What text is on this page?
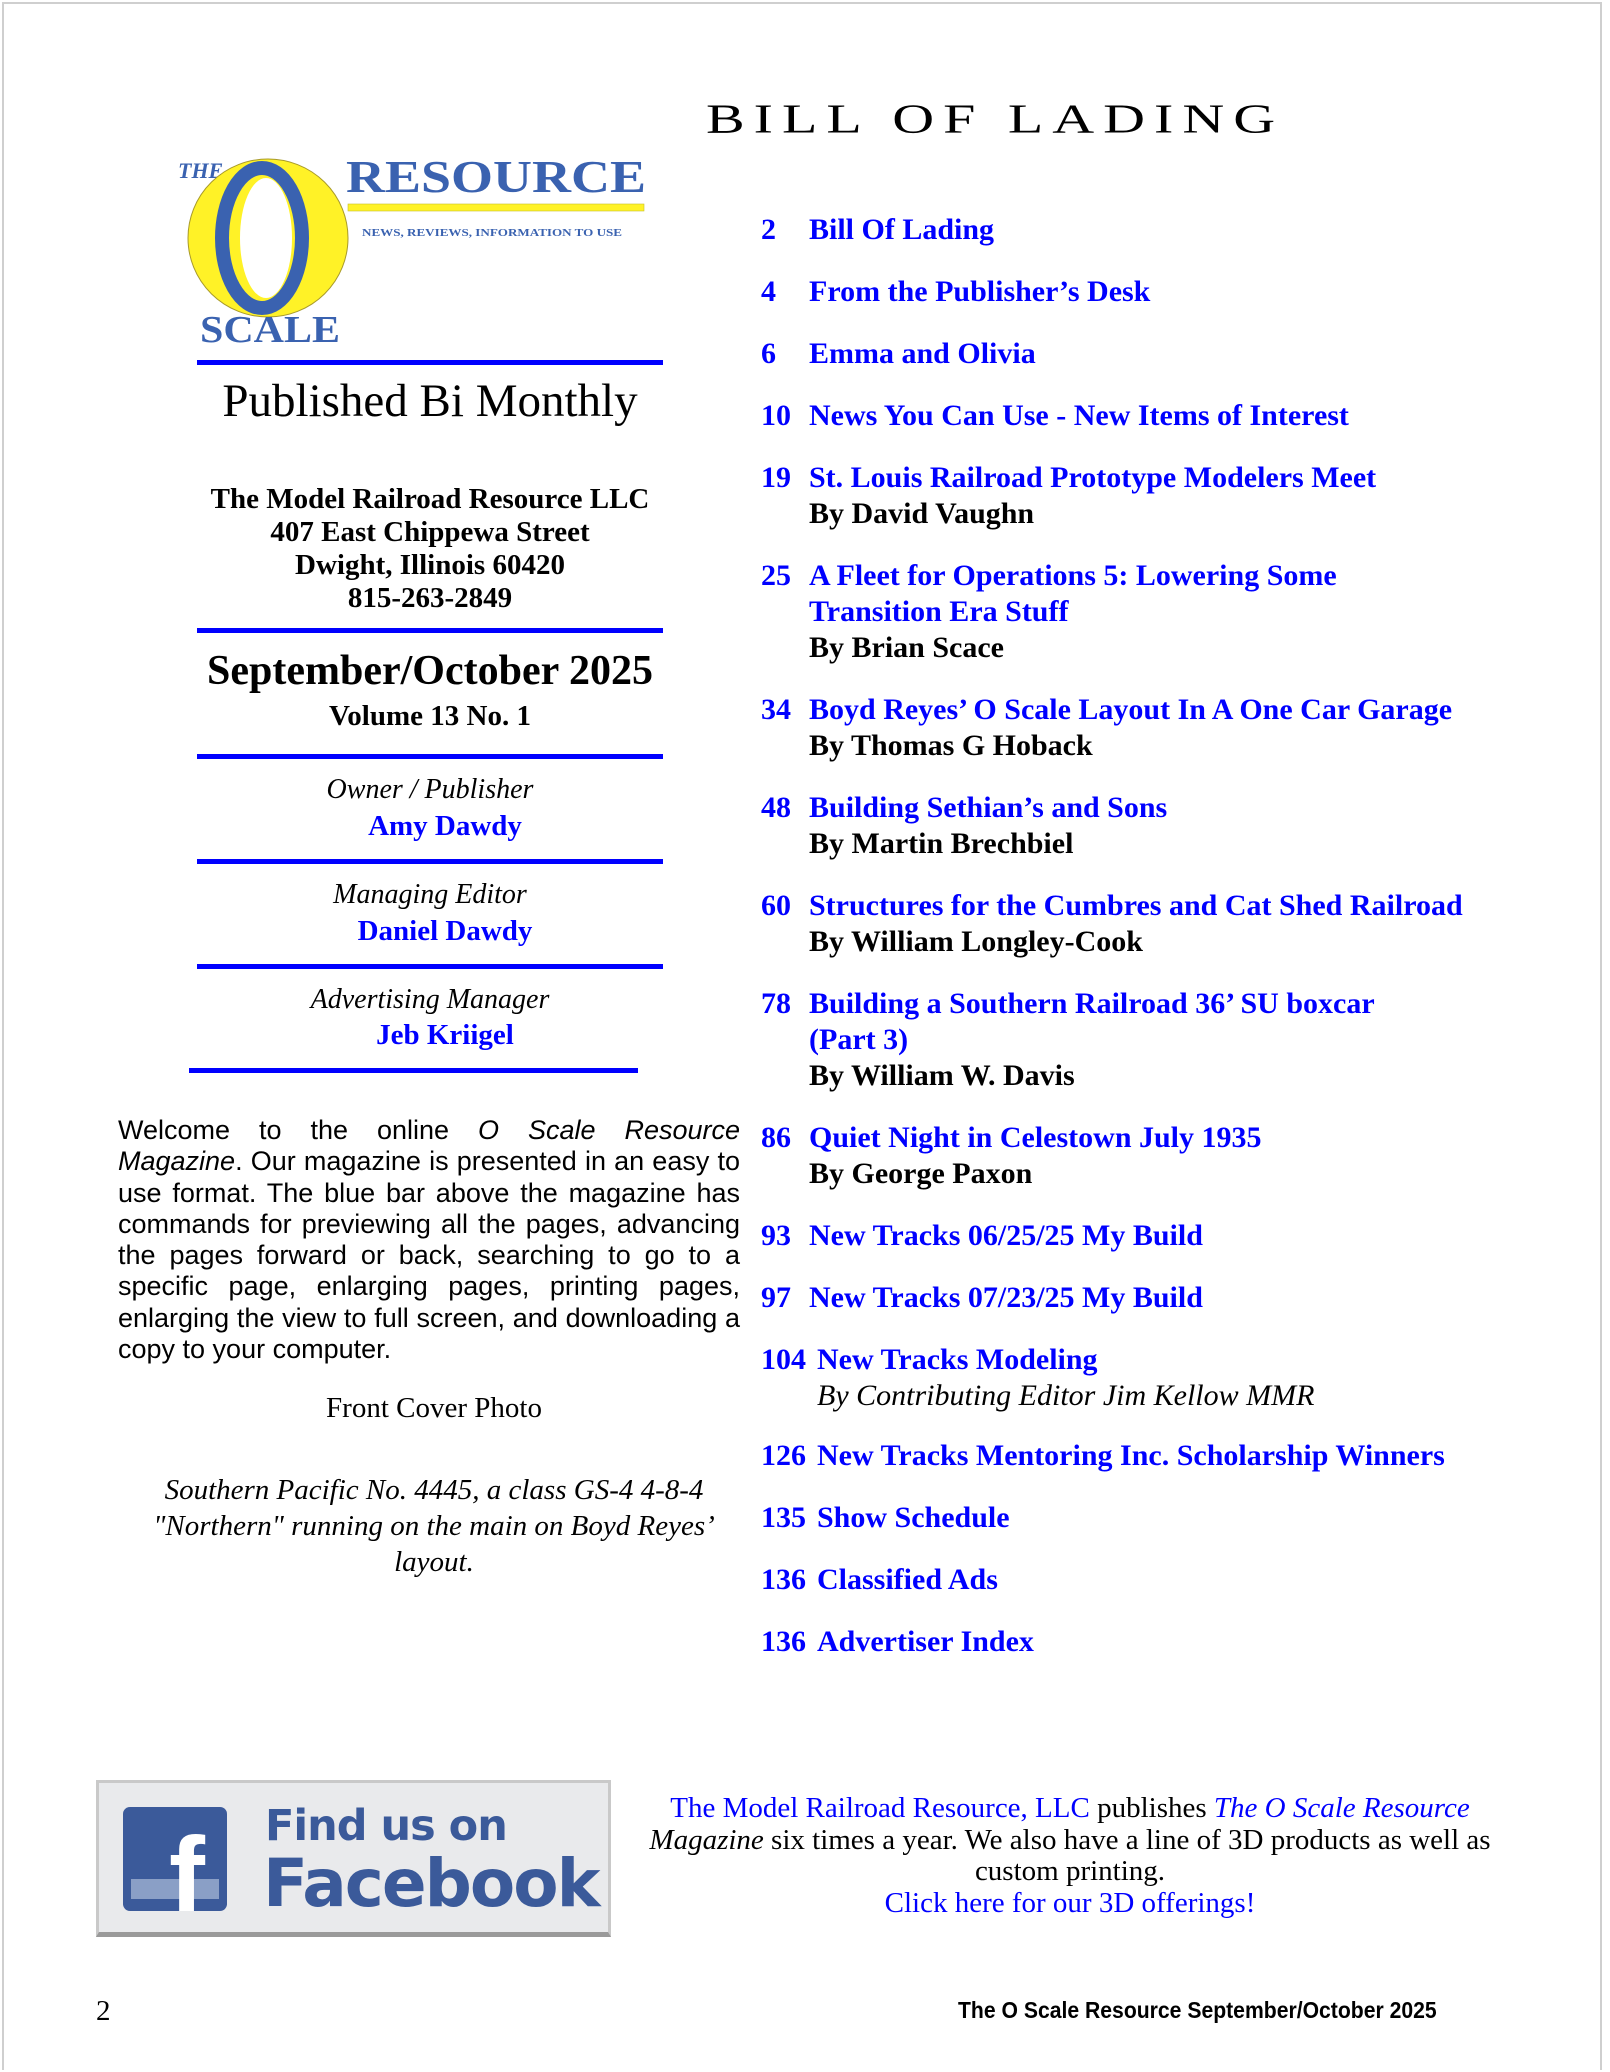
BILL OF LADING
THE	RESOURCE
NEWS, REVIEWS, INFORMATION TO USE
SCALE
Published Bi Monthly
The Model Railroad Resource LLC
407 East Chippewa Street
Dwight, Illinois 60420
815-263-2849
September/October 2025
Volume 13 No. 1
Owner / Publisher
Amy Dawdy
Managing Editor
Daniel Dawdy
Advertising Manager
Jeb Kriigel
Welcome to the online O Scale Resource Magazine. Our magazine is presented in an easy to use format. The blue bar above the magazine has commands for previewing all the pages, advancing the pages forward or back, searching to go to a specific page, enlarging pages, printing pages, enlarging the view to full screen, and downloading a copy to your computer.
Front Cover Photo
Southern Pacific No. 4445, a class GS-4 4-8-4 "Northern" running on the main on Boyd Reyes’ layout.
2 Bill Of Lading
4 From the Publisher’s Desk
6 Emma and Olivia
10 News You Can Use - New Items of Interest
19 St. Louis Railroad Prototype Modelers Meet
By David Vaughn
25 A Fleet for Operations 5: Lowering Some
Transition Era Stuff
By Brian Scace
34 Boyd Reyes’ O Scale Layout In A One Car Garage
By Thomas G Hoback
48 Building Sethian’s and Sons
By Martin Brechbiel
60 Structures for the Cumbres and Cat Shed Railroad
By William Longley-Cook
78 Building a Southern Railroad 36’ SU boxcar
(Part 3)
By William W. Davis
86 Quiet Night in Celestown July 1935
By George Paxon
93 New Tracks 06/25/25 My Build
97 New Tracks 07/23/25 My Build
104 New Tracks Modeling
By Contributing Editor Jim Kellow MMR
126 New Tracks Mentoring Inc. Scholarship Winners
135 Show Schedule
136 Classified Ads
136 Advertiser Index
f	Find us on
Facebook
The Model Railroad Resource, LLC publishes The O Scale Resource
Magazine six times a year. We also have a line of 3D products as well as custom printing.
Click here for our 3D offerings!
2	The O Scale Resource September/October 2025
